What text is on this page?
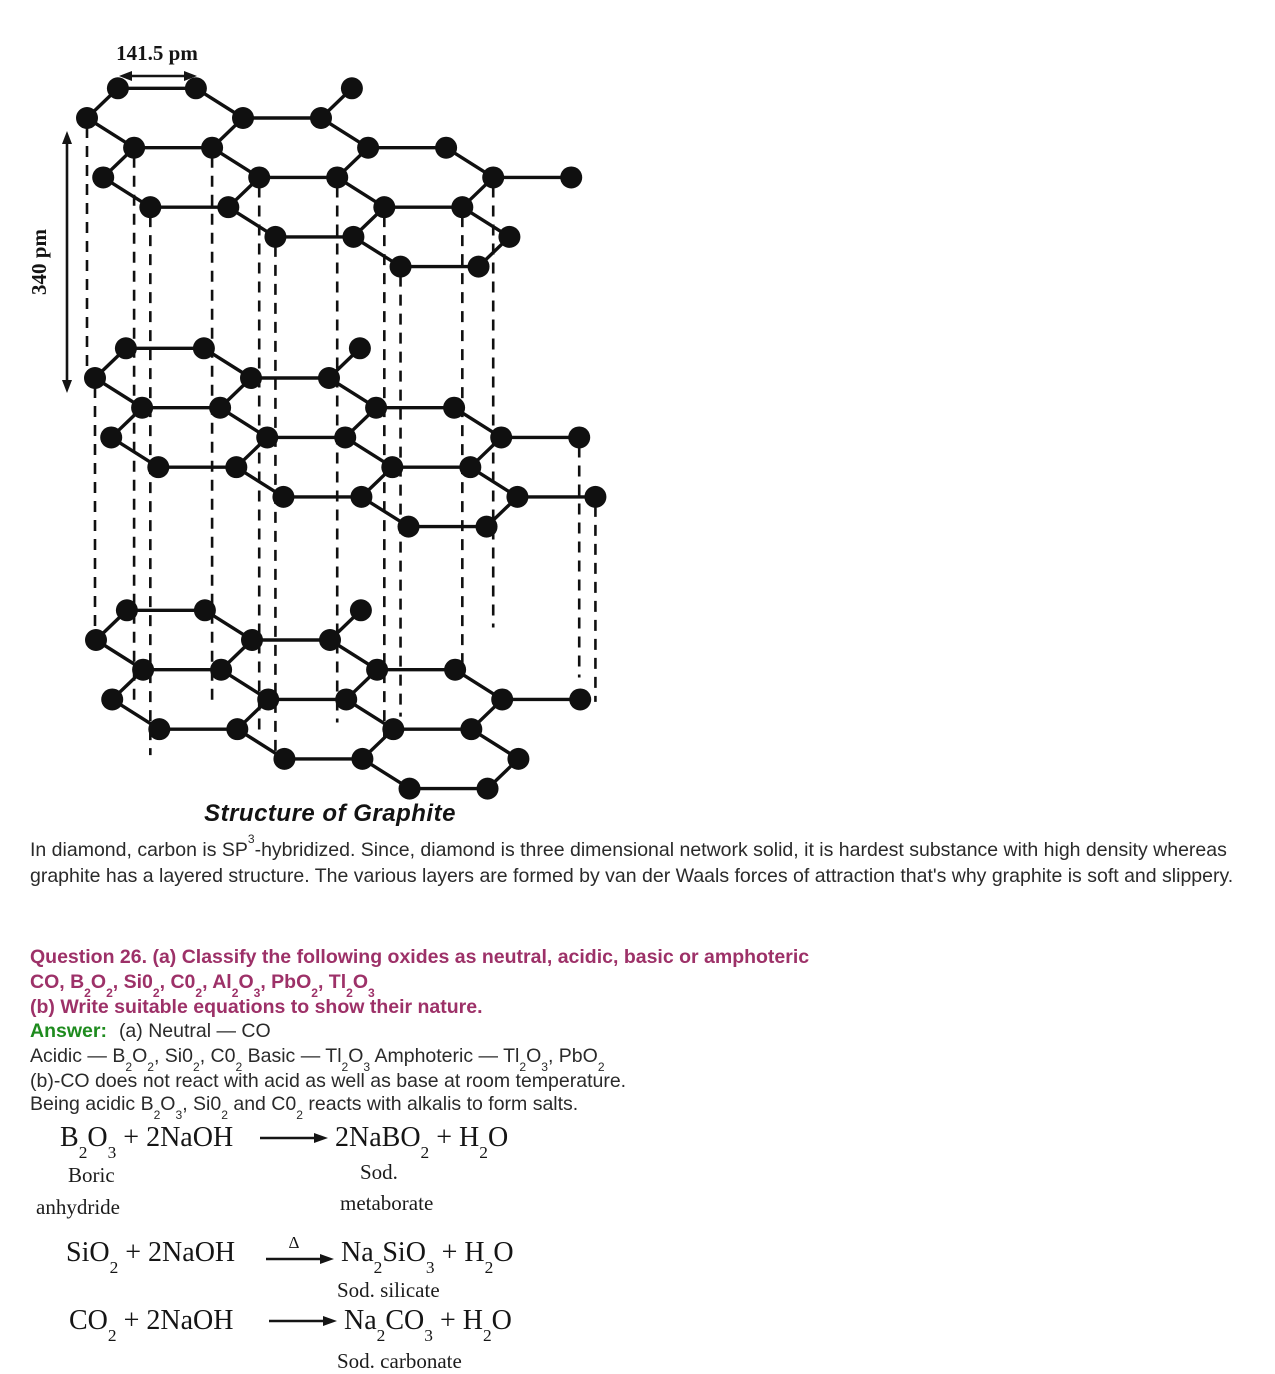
141.5 pm
340 pm
Structure of Graphite
In diamond, carbon is $SP^3$-hybridized. Since, diamond is three dimensional network solid, it is hardest substance with high density whereas graphite has a layered structure. The various layers are formed by van der Waals forces of attraction that's why graphite is soft and slippery.
Question 26. (a) Classify the following oxides as neutral, acidic, basic or amphoteric
CO, $B_2O_2$, $Si0_2$, $C0_2$, $Al_2O_3$, PbO$_2$, $Tl_2O_3$
(b) Write suitable equations to show their nature.
Answer: (a) Neutral — CO
Acidic — $B_2O_2$, $Si0_2$, $C0_2$ Basic — $Tl_2O_3$ Amphoteric — $Tl_2O_3$, PbO$_2$
(b)-CO does not react with acid as well as base at room temperature.
Being acidic $B_2O_3$, $Si0_2$ and $C0_2$ reacts with alkalis to form salts.
$B_2O_3$ + 2NaOH → 2NaBO$_2$ + $H_2O$
Boric
anhydride
Sod.
metaborate
SiO$_2$ + 2NaOH	Δ $Na_2SiO_3 + H_2O$
Sod. silicate
$CO_2$ + 2NaOH	→ $Na_2CO_3 + H_2O$
Sod. carbonate
